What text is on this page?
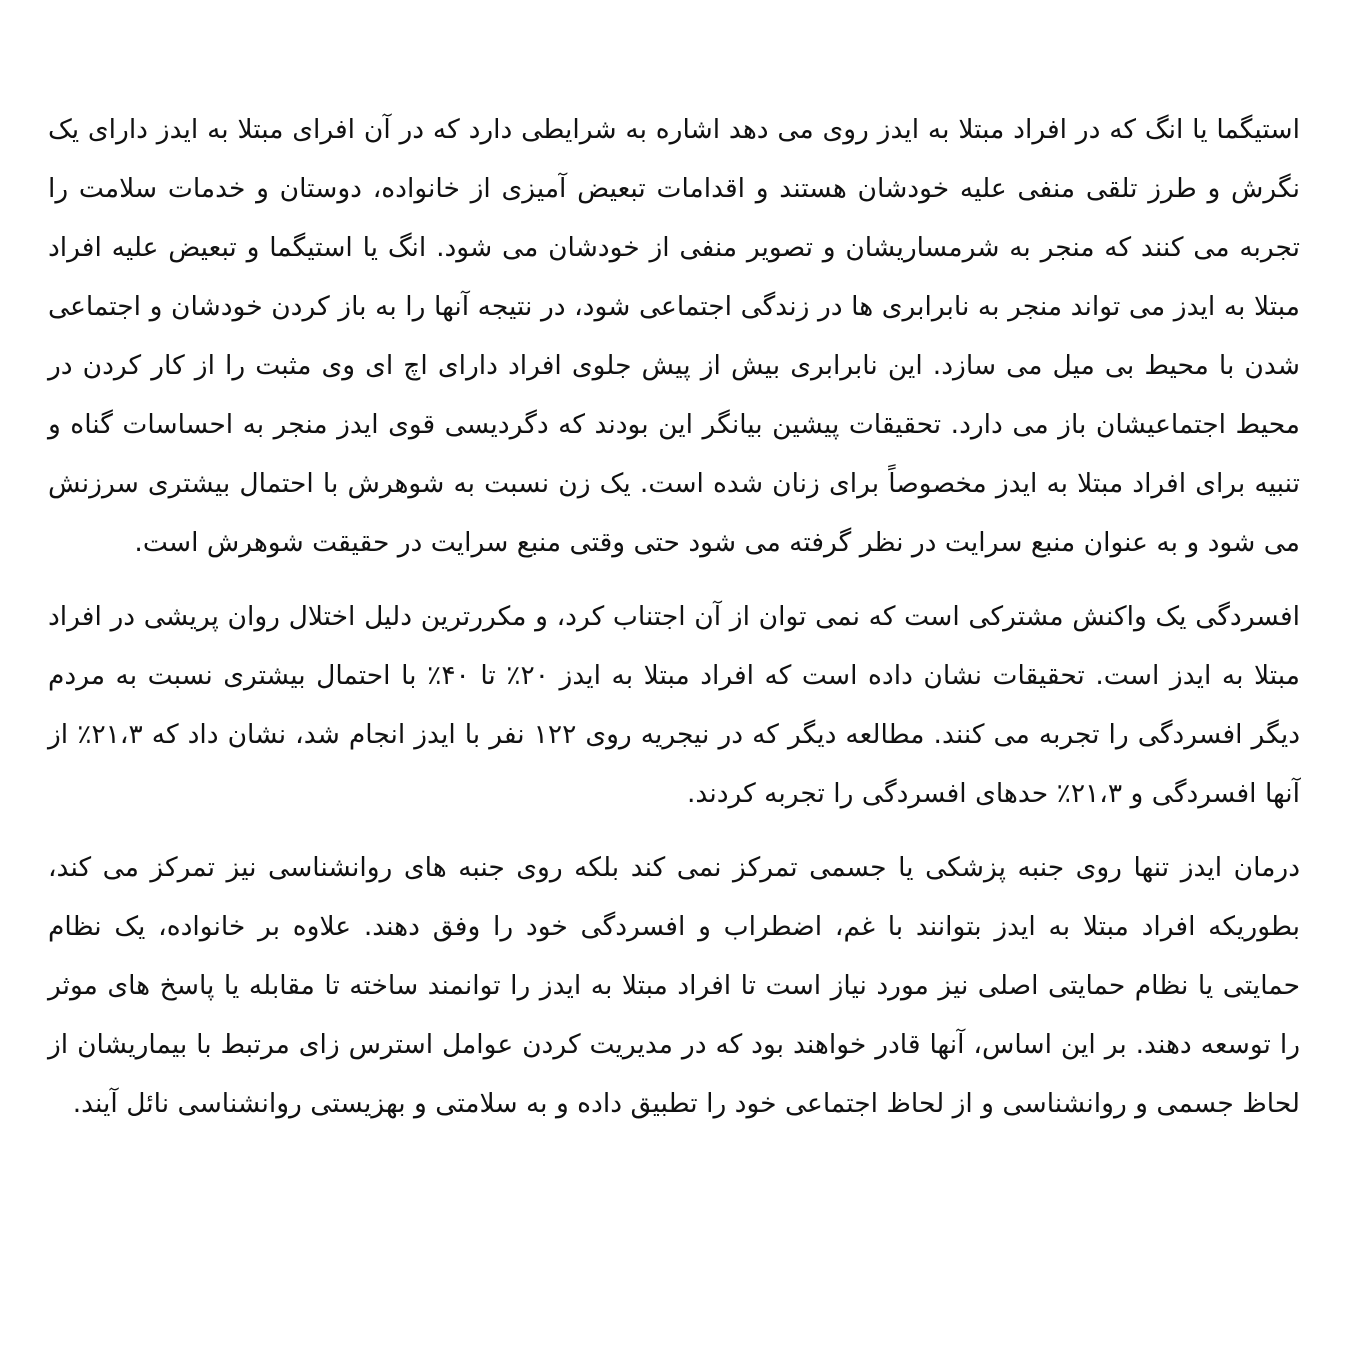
استیگما یا انگ که در افراد مبتلا به ایدز روی می دهد اشاره به شرایطی دارد که در آن افرای مبتلا به ایدز دارای یک نگرش و طرز تلقی منفی علیه خودشان هستند و اقدامات تبعیض آمیزی از خانواده، دوستان و خدمات سلامت را تجربه می کنند که منجر به شرمساریشان و تصویر منفی از خودشان می شود. انگ یا استیگما و تبعیض علیه افراد مبتلا به ایدز می تواند منجر به نابرابری ها در زندگی اجتماعی شود، در نتیجه آنها را به باز کردن خودشان و اجتماعی شدن با محیط بی میل می سازد. این نابرابری بیش از پیش جلوی افراد دارای اچ ای وی مثبت را از کار کردن در محیط اجتماعیشان باز می دارد. تحقیقات پیشین بیانگر این بودند که دگردیسی قوی ایدز منجر به احساسات گناه و تنبیه برای افراد مبتلا به ایدز مخصوصاً برای زنان شده است. یک زن نسبت به شوهرش با احتمال بیشتری سرزنش می شود و به عنوان منبع سرایت در نظر گرفته می شود حتی وقتی منبع سرایت در حقیقت شوهرش است.

افسردگی یک واکنش مشترکی است که نمی توان از آن اجتناب کرد، و مکررترین دلیل اختلال روان پریشی در افراد مبتلا به ایدز است. تحقیقات نشان داده است که افراد مبتلا به ایدز ۲۰٪ تا ۴۰٪ با احتمال بیشتری نسبت به مردم دیگر افسردگی را تجربه می کنند. مطالعه دیگر که در نیجریه روی ۱۲۲ نفر با ایدز انجام شد، نشان داد که ۲۱،۳٪ از آنها افسردگی و ۲۱،۳٪ حدهای افسردگی را تجربه کردند.

درمان ایدز تنها روی جنبه پزشکی یا جسمی تمرکز نمی کند بلکه روی جنبه های روانشناسی نیز تمرکز می کند، بطوریکه افراد مبتلا به ایدز بتوانند با غم، اضطراب و افسردگی خود را وفق دهند. علاوه بر خانواده، یک نظام حمایتی یا نظام حمایتی اصلی نیز مورد نیاز است تا افراد مبتلا به ایدز را توانمند ساخته تا مقابله یا پاسخ های موثر را توسعه دهند. بر این اساس، آنها قادر خواهند بود که در مدیریت کردن عوامل استرس زای مرتبط با بیماریشان از لحاظ جسمی و روانشناسی و از لحاظ اجتماعی خود را تطبیق داده و به سلامتی و بهزیستی روانشناسی نائل آیند.
